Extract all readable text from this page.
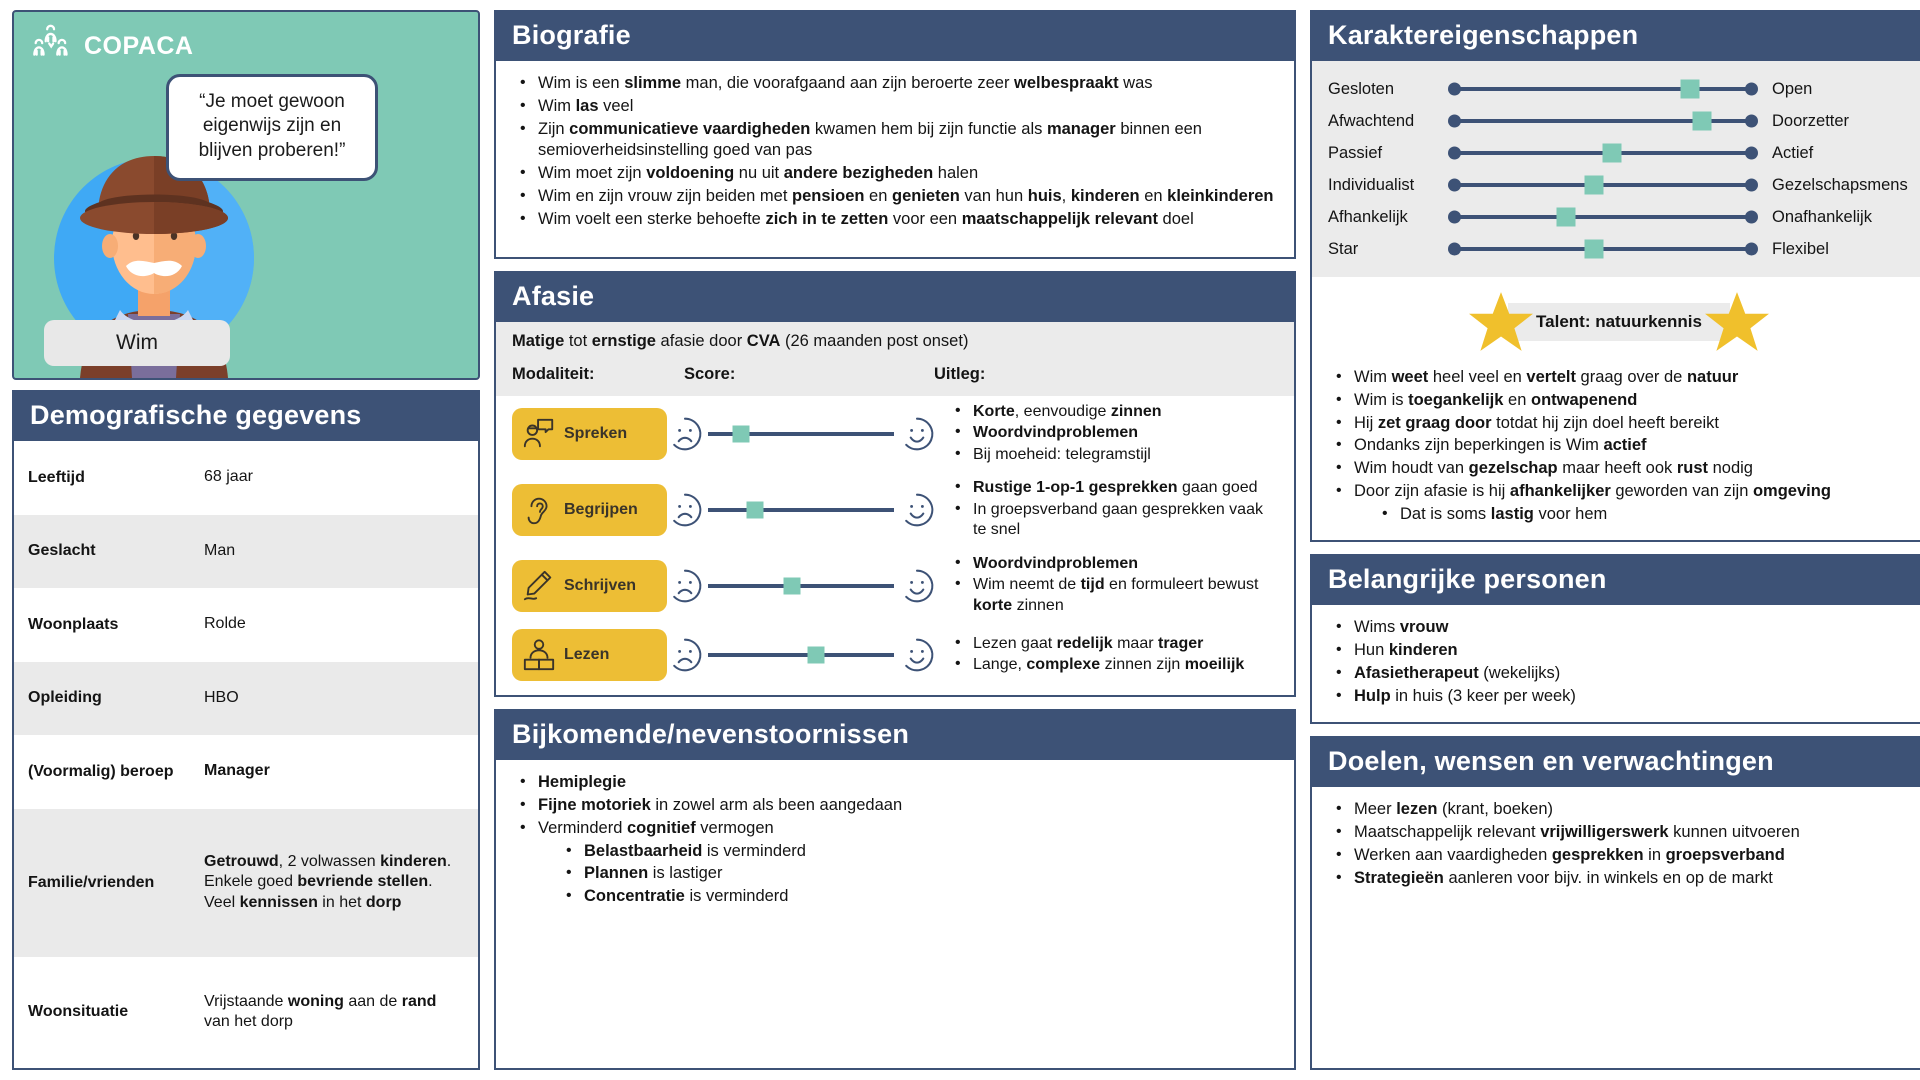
COPACA
Wim
“Je moet gewoon eigenwijs zijn en blijven proberen!”
Demografische gegevens
Leeftijd	68 jaar
Geslacht	Man
Woonplaats	Rolde
Opleiding	HBO
(Voormalig) beroep	Manager
Familie/vrienden	Getrouwd, 2 volwassen kinderen. Enkele goed bevriende stellen. Veel kennissen in het dorp
Woonsituatie	Vrijstaande woning aan de rand van het dorp
Biografie
• Wim is een slimme man, die voorafgaand aan zijn beroerte zeer welbespraakt was
• Wim las veel
• Zijn communicatieve vaardigheden kwamen hem bij zijn functie als manager binnen een semioverheidsinstelling goed van pas
• Wim moet zijn voldoening nu uit andere bezigheden halen
• Wim en zijn vrouw zijn beiden met pensioen en genieten van hun huis, kinderen en kleinkinderen
• Wim voelt een sterke behoefte zich in te zetten voor een maatschappelijk relevant doel
Afasie
Matige tot ernstige afasie door CVA (26 maanden post onset)
Modaliteit:	Score:	Uitleg:
Spreken
• Korte, eenvoudige zinnen
• Woordvindproblemen
• Bij moeheid: telegramstijl
Begrijpen
• Rustige 1-op-1 gesprekken gaan goed
• In groepsverband gaan gesprekken vaak te snel
Schrijven
• Woordvindproblemen
• Wim neemt de tijd en formuleert bewust korte zinnen
Lezen
• Lezen gaat redelijk maar trager
• Lange, complexe zinnen zijn moeilijk
Bijkomende/nevenstoornissen
• Hemiplegie
• Fijne motoriek in zowel arm als been aangedaan
• Verminderd cognitief vermogen
• Belastbaarheid is verminderd
• Plannen is lastiger
• Concentratie is verminderd
Karaktereigenschappen
Gesloten	Open
Afwachtend	Doorzetter
Passief	Actief
Individualist	Gezelschapsmens
Afhankelijk	Onafhankelijk
Star	Flexibel
Talent: natuurkennis
• Wim weet heel veel en vertelt graag over de natuur
• Wim is toegankelijk en ontwapenend
• Hij zet graag door totdat hij zijn doel heeft bereikt
• Ondanks zijn beperkingen is Wim actief
• Wim houdt van gezelschap maar heeft ook rust nodig
• Door zijn afasie is hij afhankelijker geworden van zijn omgeving
• Dat is soms lastig voor hem
Belangrijke personen
• Wims vrouw
• Hun kinderen
• Afasietherapeut (wekelijks)
• Hulp in huis (3 keer per week)
Doelen, wensen en verwachtingen
• Meer lezen (krant, boeken)
• Maatschappelijk relevant vrijwilligerswerk kunnen uitvoeren
• Werken aan vaardigheden gesprekken in groepsverband
• Strategieën aanleren voor bijv. in winkels en op de markt
